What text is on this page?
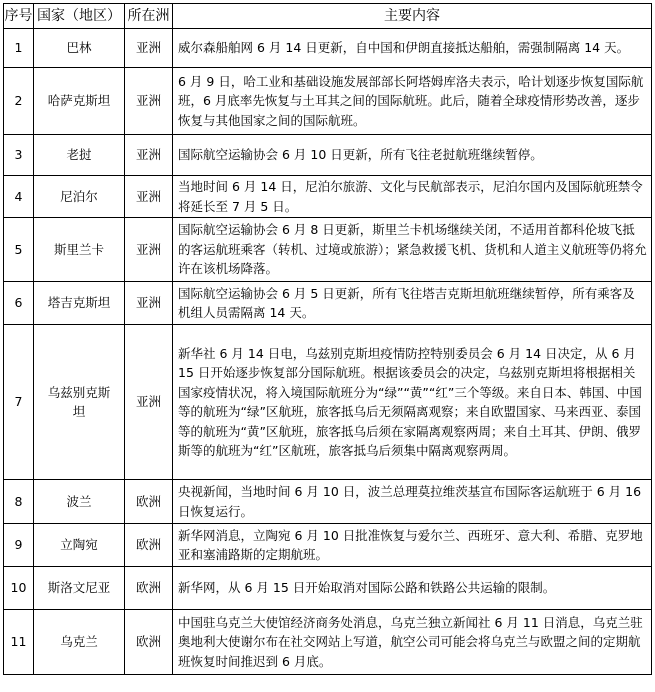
序号	国家（地区）	所在洲	主要内容
1	巴林	亚洲	威尔森船舶网 6 月 14 日更新，自中国和伊朗直接抵达船舶，需强制隔离 14 天。
2	哈萨克斯坦	亚洲	6 月 9 日，哈工业和基础设施发展部部长阿塔姆库洛夫表示，哈计划逐步恢复国际航班，6 月底率先恢复与土耳其之间的国际航班。此后，随着全球疫情形势改善，逐步恢复与其他国家之间的国际航班。
3	老挝	亚洲	国际航空运输协会 6 月 10 日更新，所有飞往老挝航班继续暂停。
4	尼泊尔	亚洲	当地时间 6 月 14 日，尼泊尔旅游、文化与民航部表示，尼泊尔国内及国际航班禁令将延长至 7 月 5 日。
5	斯里兰卡	亚洲	国际航空运输协会 6 月 8 日更新，斯里兰卡机场继续关闭，不适用首都科伦坡飞抵的客运航班乘客（转机、过境或旅游）；紧急救援飞机、货机和人道主义航班等仍将允许在该机场降落。
6	塔吉克斯坦	亚洲	国际航空运输协会 6 月 5 日更新，所有飞往塔吉克斯坦航班继续暂停，所有乘客及机组人员需隔离 14 天。
7	乌兹别克斯坦	亚洲	新华社 6 月 14 日电，乌兹别克斯坦疫情防控特别委员会 6 月 14 日决定，从 6 月 15 日开始逐步恢复部分国际航班。根据该委员会的决定，乌兹别克斯坦将根据相关国家疫情状况，将入境国际航班分为“绿”“黄”“红”三个等级。来自日本、韩国、中国等的航班为“绿”区航班，旅客抵乌后无须隔离观察；来自欧盟国家、马来西亚、泰国等的航班为“黄”区航班，旅客抵乌后须在家隔离观察两周；来自土耳其、伊朗、俄罗斯等的航班为“红”区航班，旅客抵乌后须集中隔离观察两周。
8	波兰	欧洲	央视新闻，当地时间 6 月 10 日，波兰总理莫拉维茨基宣布国际客运航班于 6 月 16 日恢复运行。
9	立陶宛	欧洲	新华网消息，立陶宛 6 月 10 日批准恢复与爱尔兰、西班牙、意大利、希腊、克罗地亚和塞浦路斯的定期航班。
10	斯洛文尼亚	欧洲	新华网，从 6 月 15 日开始取消对国际公路和铁路公共运输的限制。
11	乌克兰	欧洲	中国驻乌克兰大使馆经济商务处消息，乌克兰独立新闻社 6 月 11 日消息，乌克兰驻奥地利大使谢尔布在社交网站上写道，航空公司可能会将乌克兰与欧盟之间的定期航班恢复时间推迟到 6 月底。
